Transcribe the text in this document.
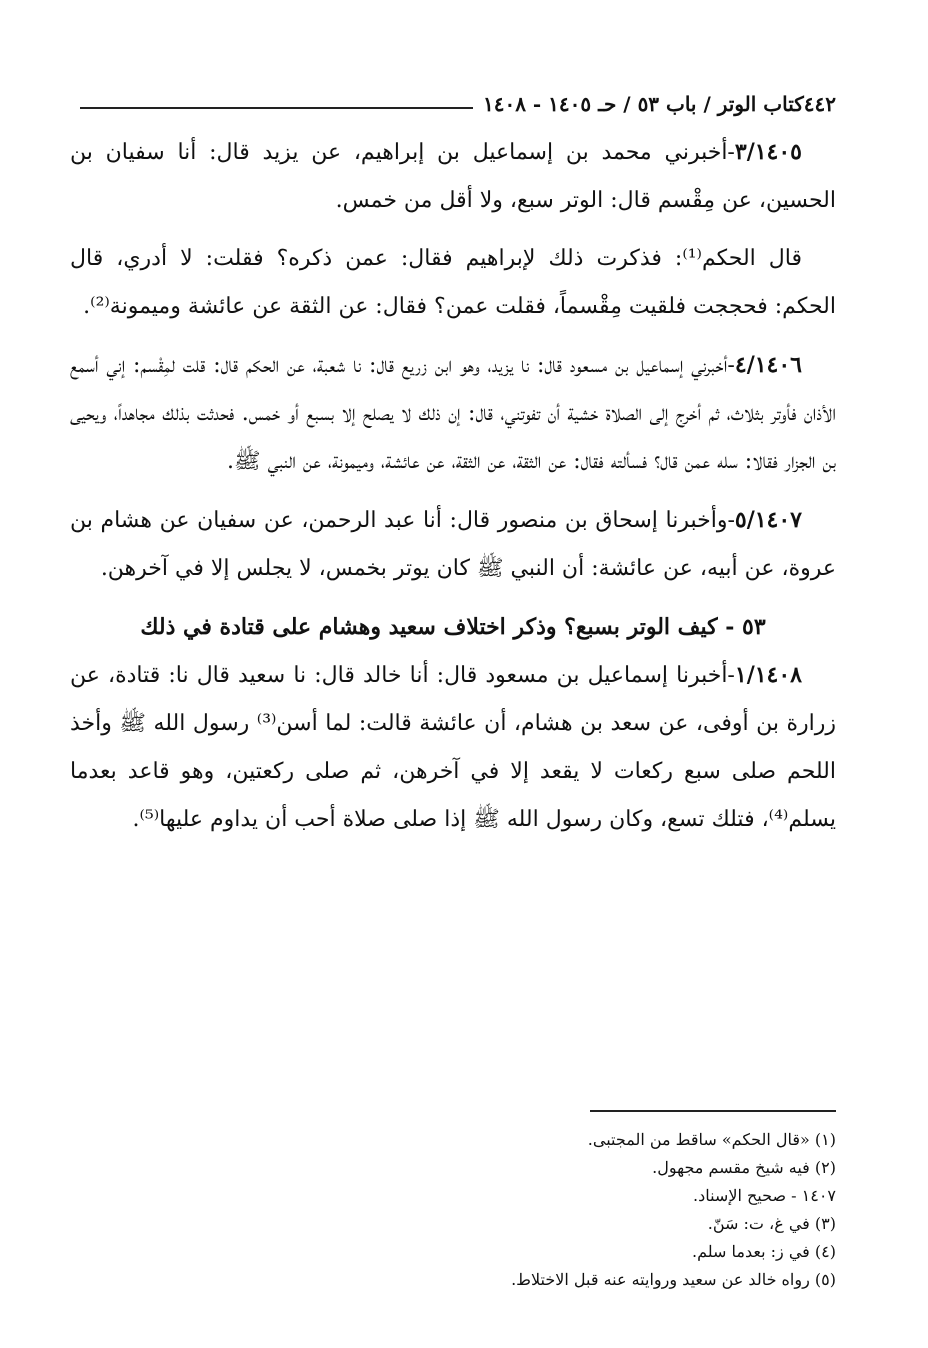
٤٤٢
كتاب الوتر / باب ٥٣ / حـ ١٤٠٥ - ١٤٠٨

٣/١٤٠٥-أخبرني محمد بن إسماعيل بن إبراهيم، عن يزيد قال: أنا سفيان بن الحسين، عن مِقْسم قال: الوتر سبع، ولا أقل من خمس.

قال الحكم⁽¹⁾: فذكرت ذلك لإبراهيم فقال: عمن ذكره؟ فقلت: لا أدري، قال الحكم: فحججت فلقيت مِقْسماً، فقلت عمن؟ فقال: عن الثقة عن عائشة وميمونة⁽²⁾.

٤/١٤٠٦-أخبرني إسماعيل بن مسعود قال: نا يزيد، وهو ابن زريع قال: نا شعبة، عن الحكم قال: قلت لمِقْسم: إني أسمع الأذان فأوتر بثلاث، ثم أخرج إلى الصلاة خشية أن تفوتني، قال: إن ذلك لا يصلح إلا بسبع أو خمس. فحدثت بذلك مجاهداً، ويحيى بن الجزار فقالا: سله عمن قال؟ فسألته فقال: عن الثقة، عن الثقة، عن عائشة، وميمونة، عن النبي ﷺ.

٥/١٤٠٧-وأخبرنا إسحاق بن منصور قال: أنا عبد الرحمن، عن سفيان عن هشام بن عروة، عن أبيه، عن عائشة: أن النبي ﷺ كان يوتر بخمس، لا يجلس إلا في آخرهن.

٥٣ - كيف الوتر بسبع؟ وذكر اختلاف سعيد وهشام على قتادة في ذلك

١/١٤٠٨-أخبرنا إسماعيل بن مسعود قال: أنا خالد قال: نا سعيد قال نا: قتادة، عن زرارة بن أوفى، عن سعد بن هشام، أن عائشة قالت: لما أسن⁽³⁾ رسول الله ﷺ وأخذ اللحم صلى سبع ركعات لا يقعد إلا في آخرهن، ثم صلى ركعتين، وهو قاعد بعدما يسلم⁽⁴⁾، فتلك تسع، وكان رسول الله ﷺ إذا صلى صلاة أحب أن يداوم عليها⁽⁵⁾.

(١) «قال الحكم» ساقط من المجتبى.

(٢) فيه شيخ مقسم مجهول.

١٤٠٧ - صحيح الإسناد.

(٣) في غ، ت: سَنّ.

(٤) في ز: بعدما سلم.

(٥) رواه خالد عن سعيد وروايته عنه قبل الاختلاط.
